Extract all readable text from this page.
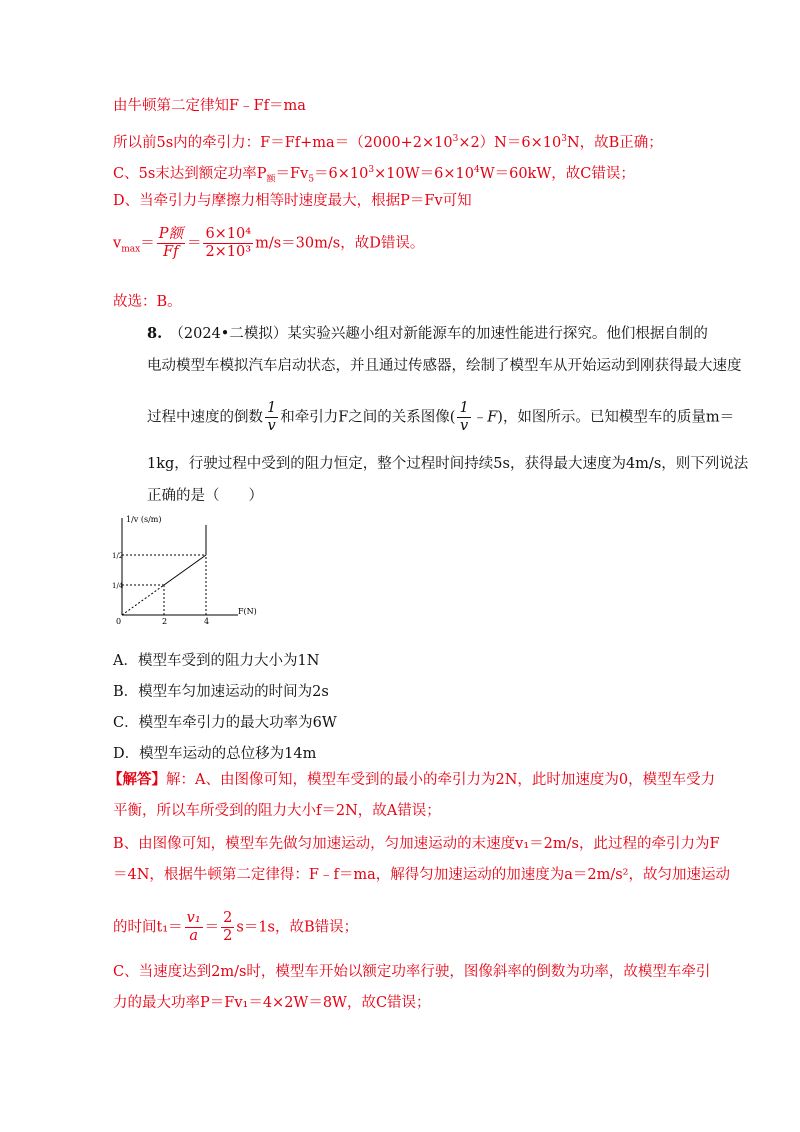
由牛顿第二定律知F﹣Ff＝ma
所以前5s内的牵引力：$F=Ff+ma=(2000+2\times 10^3\times 2)N=6\times 10^3N$，故B正确；
C、5s末达到额定功率$P_额=Fv_5=6\times 10^3\times 10W=6\times 10^4W=60kW$，故C错误；
D、当牵引力与摩擦力相等时速度最大，根据P＝Fv可知
$v_{max}= \frac{\text{P额}}{Ff} = \frac{\text{6×10⁴}}{\text{2×10³}} m/s=30m/s$，故D错误。
故选：B。
8.　 （2024•二模拟）某实验兴趣小组对新能源车的加速性能进行探究。他们根据自制的
电动模型车模拟汽车启动状态，并且通过传感器，绘制了模型车从开始运动到刚获得最大速度
过程中速度的倒数 $\frac{1}{v}$ 和牵引力F之间的关系图像( $\frac{1}{v}$ ﹣F)，如图所示。已知模型车的质量m＝
1kg，行驶过程中受到的阻力恒定，整个过程时间持续5s，获得最大速度为4m/s，则下列说法
正确的是（　　）
0	2	4
1/4
1/2
1/v (s/m)
F(N)
A．模型车受到的阻力大小为1N
B．模型车匀加速运动的时间为2s
C．模型车牵引力的最大功率为6W
D．模型车运动的总位移为14m
【解答】解：A、由图像可知，模型车受到的最小的牵引力为2N，此时加速度为0，模型车受力
平衡，所以车所受到的阻力大小f＝2N，故A错误；
B、由图像可知，模型车先做匀加速运动，匀加速运动的末速度v₁＝2m/s，此过程的牵引力为F
＝4N，根据牛顿第二定律得：F﹣f＝ma，解得匀加速运动的加速度为a＝2m/s²，故匀加速运动
的时间$t_1= \frac{\text{v₁}}{a} = \frac{2}{2} s=1s$，故B错误；
C、当速度达到2m/s时，模型车开始以额定功率行驶，图像斜率的倒数为功率，故模型车牵引
力的最大功率P＝Fv₁＝4×2W＝8W，故C错误；
